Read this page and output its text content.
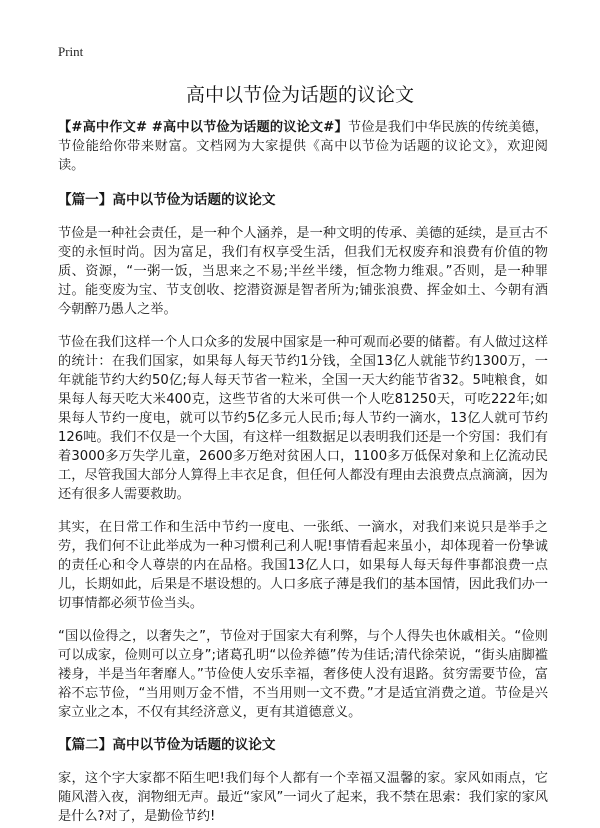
Print
高中以节俭为话题的议论文

【#高中作文# #高中以节俭为话题的议论文#】节俭是我们中华民族的传统美德，节俭能给你带来财富。文档网为大家提供《高中以节俭为话题的议论文》，欢迎阅读。

【篇一】高中以节俭为话题的议论文

节俭是一种社会责任，是一种个人涵养，是一种文明的传承、美德的延续，是亘古不变的永恒时尚。因为富足，我们有权享受生活，但我们无权废弃和浪费有价值的物质、资源，“一粥一饭，当思来之不易;半丝半缕，恒念物力维艰。”否则，是一种罪过。能变废为宝、节支创收、挖潜资源是智者所为;铺张浪费、挥金如土、今朝有酒今朝醉乃愚人之举。

节俭在我们这样一个人口众多的发展中国家是一种可观而必要的储蓄。有人做过这样的统计：在我们国家，如果每人每天节约1分钱，全国13亿人就能节约1300万，一年就能节约大约50亿;每人每天节省一粒米，全国一天大约能节省32。5吨粮食，如果每人每天吃大米400克，这些节省的大米可供一个人吃81250天，可吃222年;如果每人节约一度电，就可以节约5亿多元人民币;每人节约一滴水，13亿人就可节约126吨。我们不仅是一个大国，有这样一组数据足以表明我们还是一个穷国：我们有着3000多万失学儿童，2600多万绝对贫困人口，1100多万低保对象和上亿流动民工，尽管我国大部分人算得上丰衣足食，但任何人都没有理由去浪费点点滴滴，因为还有很多人需要救助。

其实，在日常工作和生活中节约一度电、一张纸、一滴水，对我们来说只是举手之劳，我们何不让此举成为一种习惯利己利人呢!事情看起来虽小，却体现着一份挚诚的责任心和令人尊崇的内在品格。我国13亿人口，如果每人每天每件事都浪费一点儿，长期如此，后果是不堪设想的。人口多底子薄是我们的基本国情，因此我们办一切事情都必须节俭当头。

“国以俭得之，以奢失之”，节俭对于国家大有利弊，与个人得失也休戚相关。“俭则可以成家，俭则可以立身”;诸葛孔明“以俭养德”传为佳话;清代徐荣说，“街头庙脚褴褛身，半是当年奢靡人。”节俭使人安乐幸福，奢侈使人没有退路。贫穷需要节俭，富裕不忘节俭，“当用则万金不惜，不当用则一文不费。”才是适宜消费之道。节俭是兴家立业之本，不仅有其经济意义，更有其道德意义。

【篇二】高中以节俭为话题的议论文

家，这个字大家都不陌生吧!我们每个人都有一个幸福又温馨的家。家风如雨点，它随风潜入夜，润物细无声。最近“家风”一词火了起来，我不禁在思索：我们家的家风是什么?对了，是勤俭节约!
